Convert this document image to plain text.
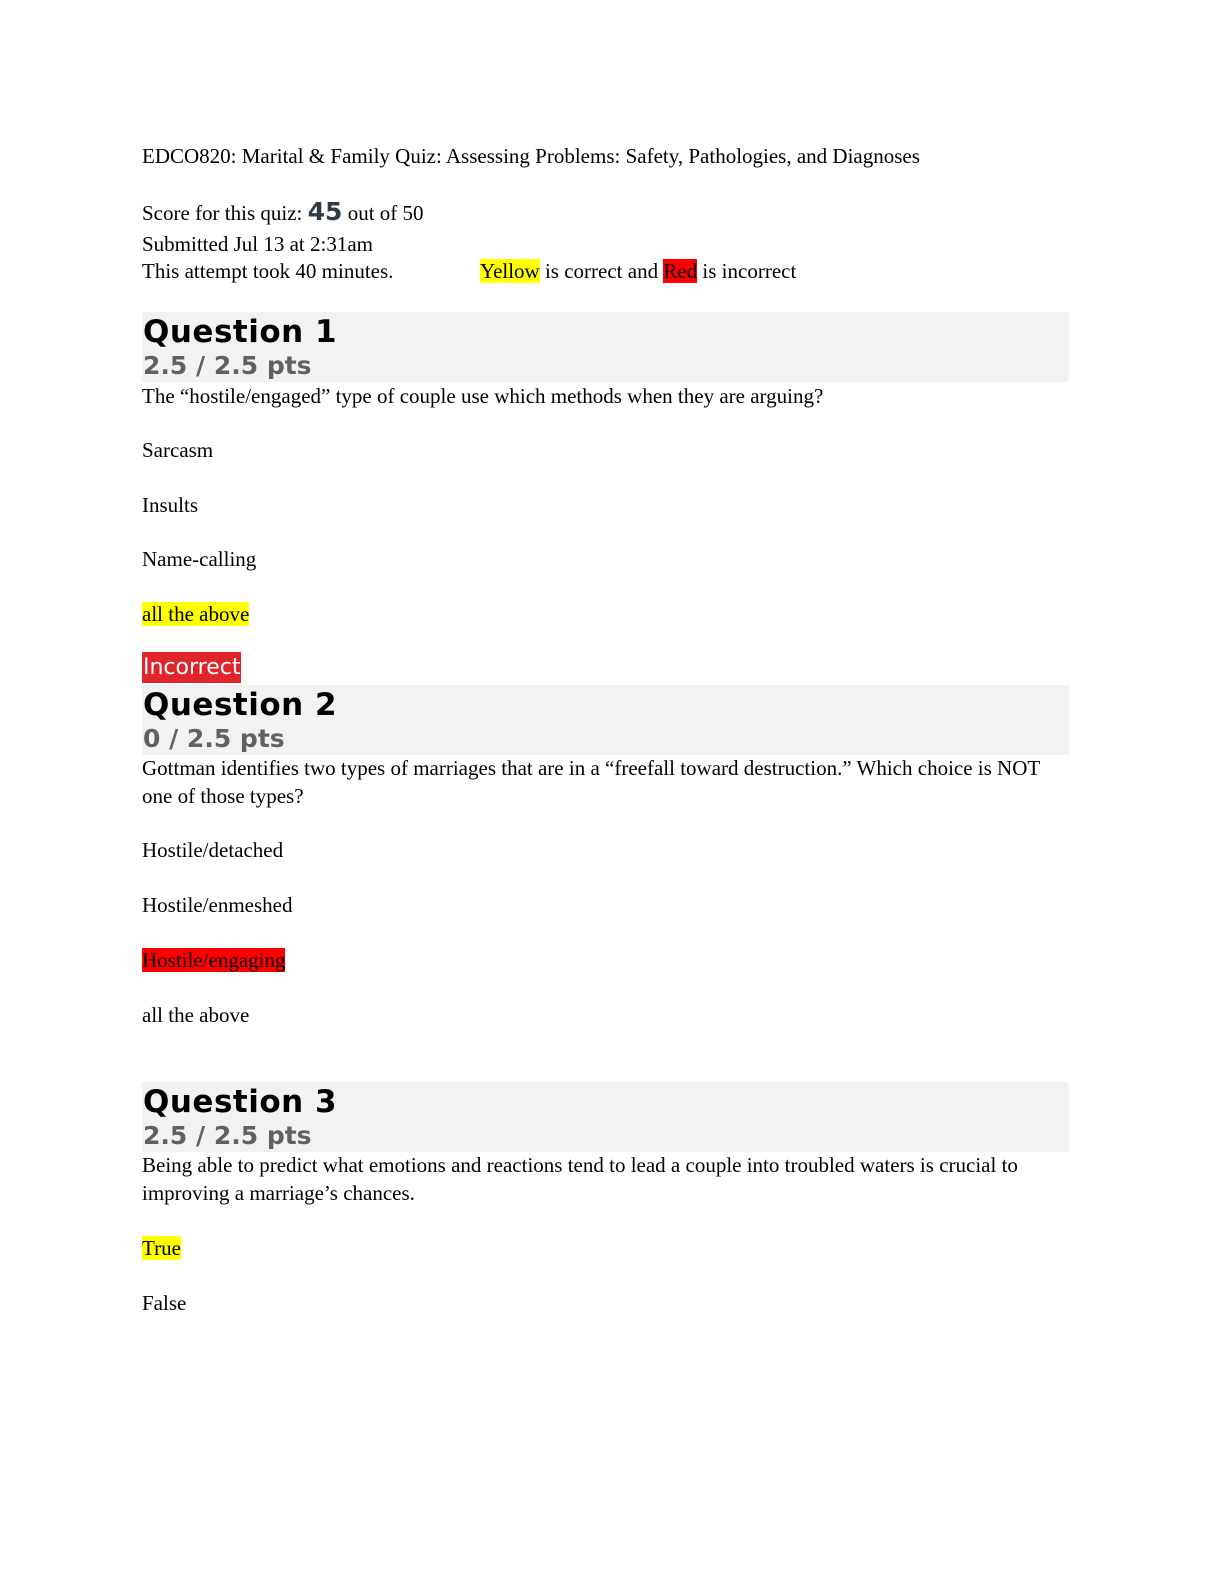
EDCO820: Marital & Family Quiz: Assessing Problems: Safety, Pathologies, and Diagnoses
Score for this quiz: 45 out of 50
Submitted Jul 13 at 2:31am
This attempt took 40 minutes.	Yellow is correct and Red is incorrect
Question 1
2.5 / 2.5 pts
The “hostile/engaged” type of couple use which methods when they are arguing?
Sarcasm
Insults
Name-calling
all the above
Incorrect
Question 2
0 / 2.5 pts
Gottman identifies two types of marriages that are in a “freefall toward destruction.” Which choice is NOT one of those types?
Hostile/detached
Hostile/enmeshed
Hostile/engaging
all the above
Question 3
2.5 / 2.5 pts
Being able to predict what emotions and reactions tend to lead a couple into troubled waters is crucial to improving a marriage’s chances.
True
False
